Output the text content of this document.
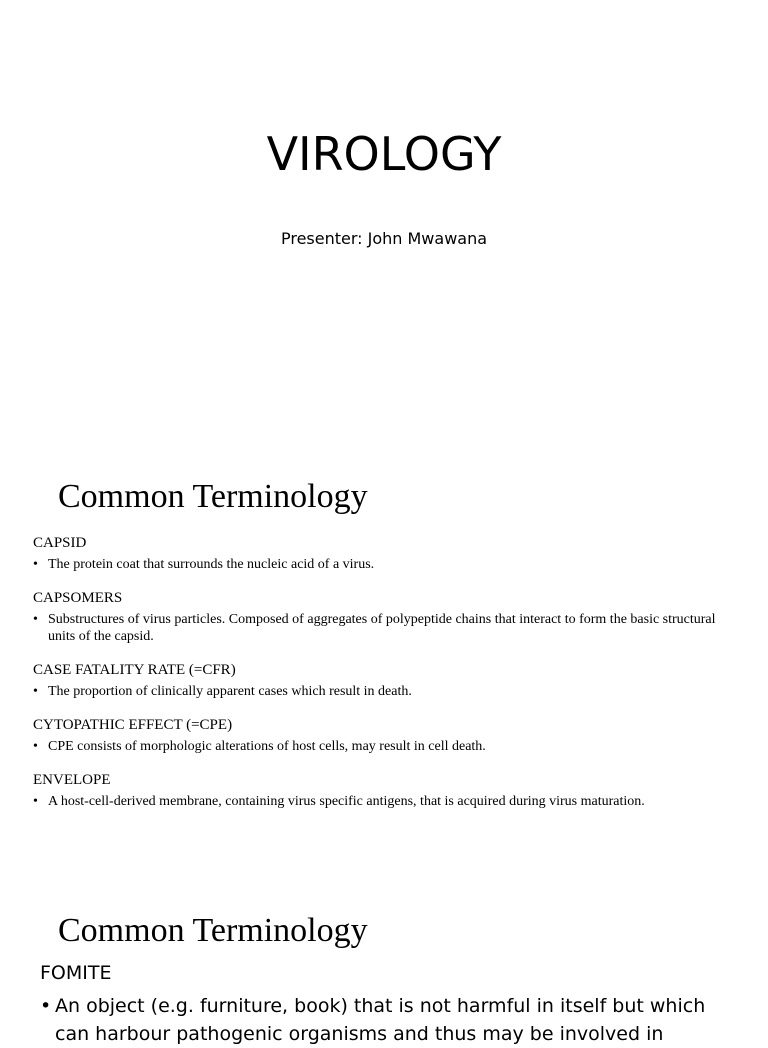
VIROLOGY
Presenter: John Mwawana
Common Terminology
CAPSID
• The protein coat that surrounds the nucleic acid of a virus.
CAPSOMERS
• Substructures of virus particles. Composed of aggregates of polypeptide chains that interact to form the basic structural units of the capsid.
CASE FATALITY RATE (=CFR)
• The proportion of clinically apparent cases which result in death.
CYTOPATHIC EFFECT (=CPE)
• CPE consists of morphologic alterations of host cells, may result in cell death.
ENVELOPE
• A host-cell-derived membrane, containing virus specific antigens, that is acquired during virus maturation.
Common Terminology
FOMITE
• An object (e.g. furniture, book) that is not harmful in itself but which can harbour pathogenic organisms and thus may be involved in
